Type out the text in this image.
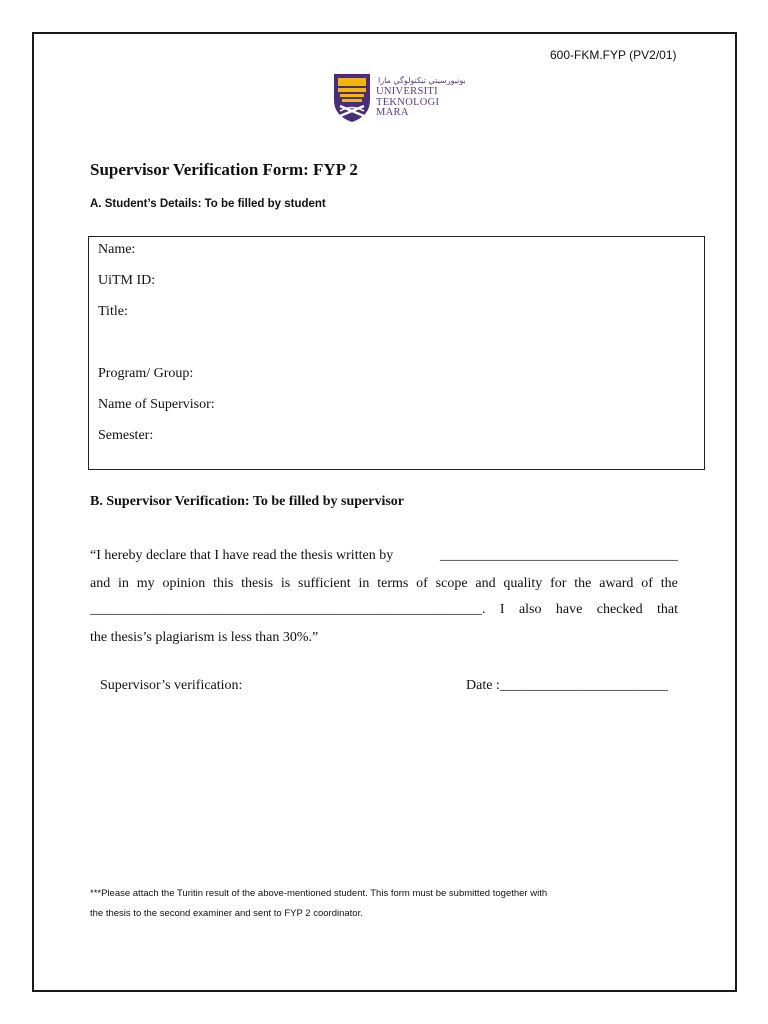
600-FKM.FYP (PV2/01)
ﯾﻮﻧﯿﻮﺭﺳﯿﺘﻲ ﺗﯿﮑﻨﻮﻟﻮﮔﻲ ﻣﺎﺭﺍ
UNIVERSITI
TEKNOLOGI
MARA
Supervisor Verification Form: FYP 2
A. Student’s Details: To be filled by student
Name:
UiTM ID:
Title:
Program/ Group:
Name of Supervisor:
Semester:
B. Supervisor Verification: To be filled by supervisor
“I hereby declare that I have read the thesis written by	__________________________________
and in my opinion this thesis is sufficient in terms of scope and quality for the award of the
________________________________________________________. I also have checked that
the thesis’s plagiarism is less than 30%.”
Supervisor’s verification:	Date :________________________
***Please attach the Turitin result of the above-mentioned student. This form must be submitted together with
the thesis to the second examiner and sent to FYP 2 coordinator.
